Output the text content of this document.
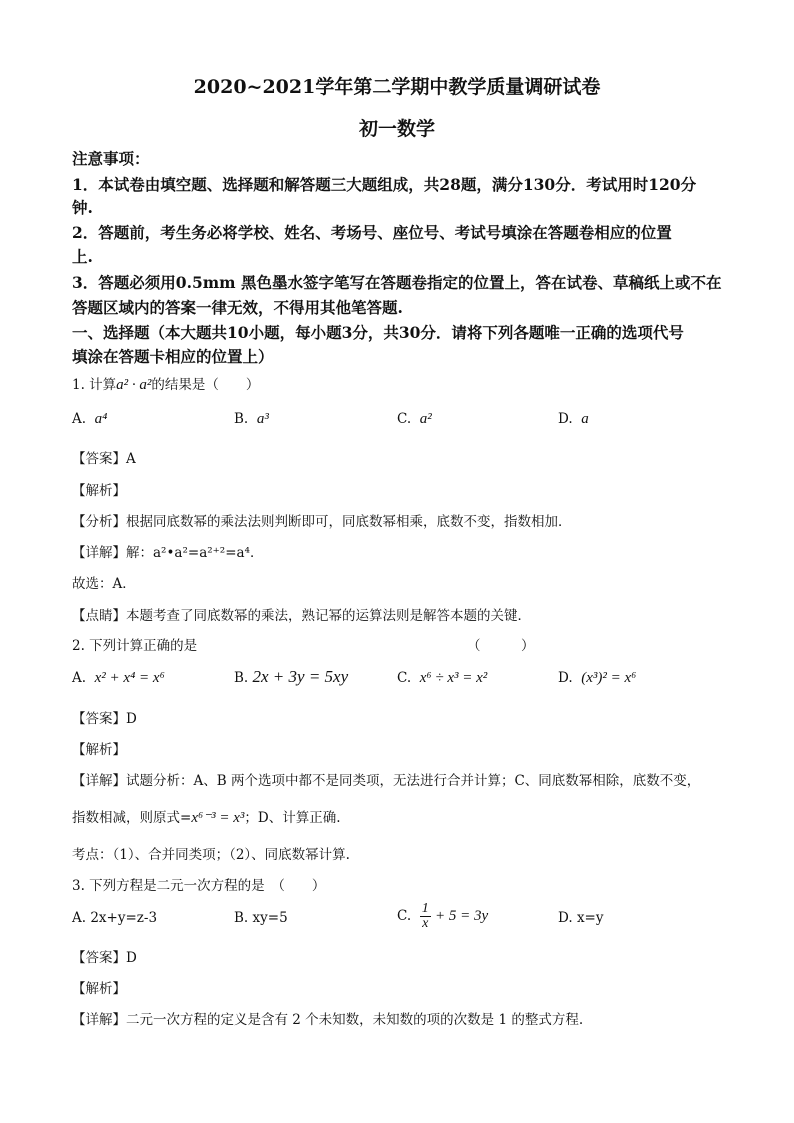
2020~2021学年第二学期中教学质量调研试卷
初一数学
注意事项：
1．本试卷由填空题、选择题和解答题三大题组成，共28题，满分130分．考试用时120分
钟.
2．答题前，考生务必将学校、姓名、考场号、座位号、考试号填涂在答题卷相应的位置
上.
3．答题必须用0.5mm 黑色墨水签字笔写在答题卷指定的位置上，答在试卷、草稿纸上或不在
答题区域内的答案一律无效，不得用其他笔答题.
一、选择题（本大题共10小题，每小题3分，共30分．请将下列各题唯一正确的选项代号
填涂在答题卡相应的位置上）
1. 计算a² · a²的结果是（　　）
A. a⁴	B. a³	C. a²	D. a
【答案】A
【解析】
【分析】根据同底数幂的乘法法则判断即可，同底数幂相乘，底数不变，指数相加．
【详解】解：a²•a²=a²⁺²=a⁴．
故选：A．
【点睛】本题考查了同底数幂的乘法，熟记幂的运算法则是解答本题的关键．
2. 下列计算正确的是	（　　　）
A. x² + x⁴ = x⁶	B. 2x + 3y = 5xy	C. x⁶ ÷ x³ = x²	D. (x³)² = x⁶
【答案】D
【解析】
【详解】试题分析：A、B 两个选项中都不是同类项，无法进行合并计算；C、同底数幂相除，底数不变，
指数相减，则原式=x⁶⁻³ = x³；D、计算正确.
考点：（1）、合并同类项；（2）、同底数幂计算.
3. 下列方程是二元一次方程的是　（　　）
A. 2x+y=z-3	B. xy=5	C. $\frac{1}{x} + 5 = 3y$	D. x=y
【答案】D
【解析】
【详解】二元一次方程的定义是含有 2 个未知数，未知数的项的次数是 1 的整式方程.
